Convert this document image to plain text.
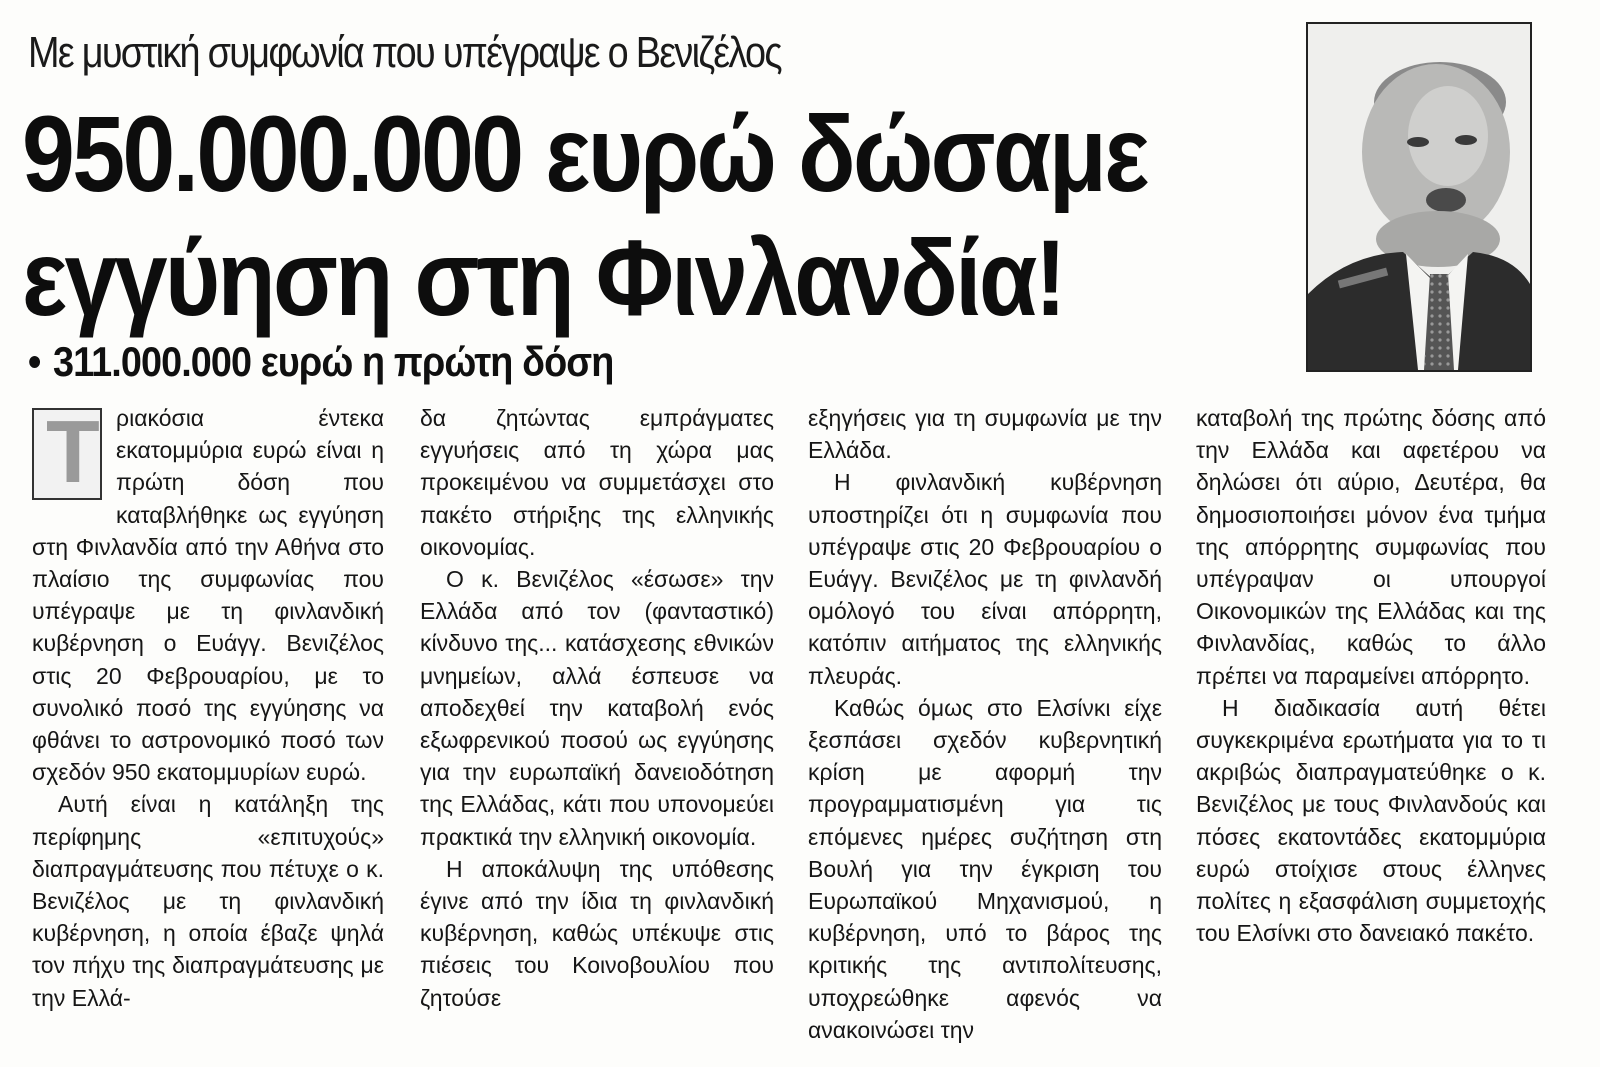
Με μυστική συμφωνία που υπέγραψε ο Βενιζέλος
950.000.000 ευρώ δώσαμε
εγγύηση στη Φινλανδία!
• 311.000.000 ευρώ η πρώτη δόση
Τ ριακόσια έντεκα εκατομμύρια ευρώ είναι η πρώτη δόση που καταβλήθηκε ως εγγύηση στη Φινλανδία από την Αθήνα στο πλαίσιο της συμφωνίας που υπέγραψε με τη φινλανδική κυβέρνηση ο Ευάγγ. Βενιζέλος στις 20 Φεβρουαρίου, με το συνολικό ποσό της εγγύησης να φθάνει το αστρονομικό ποσό των σχεδόν 950 εκατομμυρίων ευρώ.

Αυτή είναι η κατάληξη της περίφημης «επιτυχούς» διαπραγμάτευσης που πέτυχε ο κ. Βενιζέλος με τη φινλανδική κυβέρνηση, η οποία έβαζε ψηλά τον πήχυ της διαπραγμάτευσης με την Ελλά-

δα ζητώντας εμπράγματες εγγυήσεις από τη χώρα μας προκειμένου να συμμετάσχει στο πακέτο στήριξης της ελληνικής οικονομίας.

Ο κ. Βενιζέλος «έσωσε» την Ελλάδα από τον (φανταστικό) κίνδυνο της... κατάσχεσης εθνικών μνημείων, αλλά έσπευσε να αποδεχθεί την καταβολή ενός εξωφρενικού ποσού ως εγγύησης για την ευρωπαϊκή δανειοδότηση της Ελλάδας, κάτι που υπονομεύει πρακτικά την ελληνική οικονομία.

Η αποκάλυψη της υπόθεσης έγινε από την ίδια τη φινλανδική κυβέρνηση, καθώς υπέκυψε στις πιέσεις του Κοινοβουλίου που ζητούσε

εξηγήσεις για τη συμφωνία με την Ελλάδα.

Η φινλανδική κυβέρνηση υποστηρίζει ότι η συμφωνία που υπέγραψε στις 20 Φεβρουαρίου ο Ευάγγ. Βενιζέλος με τη φινλανδή ομόλογό του είναι απόρρητη, κατόπιν αιτήματος της ελληνικής πλευράς.

Καθώς όμως στο Ελσίνκι είχε ξεσπάσει σχεδόν κυβερνητική κρίση με αφορμή την προγραμματισμένη για τις επόμενες ημέρες συζήτηση στη Βουλή για την έγκριση του Ευρωπαϊκού Μηχανισμού, η κυβέρνηση, υπό το βάρος της κριτικής της αντιπολίτευσης, υποχρεώθηκε αφενός να ανακοινώσει την

καταβολή της πρώτης δόσης από την Ελλάδα και αφετέρου να δηλώσει ότι αύριο, Δευτέρα, θα δημοσιοποιήσει μόνον ένα τμήμα της απόρρητης συμφωνίας που υπέγραψαν οι υπουργοί Οικονομικών της Ελλάδας και της Φινλανδίας, καθώς το άλλο πρέπει να παραμείνει απόρρητο.

Η διαδικασία αυτή θέτει συγκεκριμένα ερωτήματα για το τι ακριβώς διαπραγματεύθηκε ο κ. Βενιζέλος με τους Φινλανδούς και πόσες εκατοντάδες εκατομμύρια ευρώ στοίχισε στους έλληνες πολίτες η εξασφάλιση συμμετοχής του Ελσίνκι στο δανειακό πακέτο.
